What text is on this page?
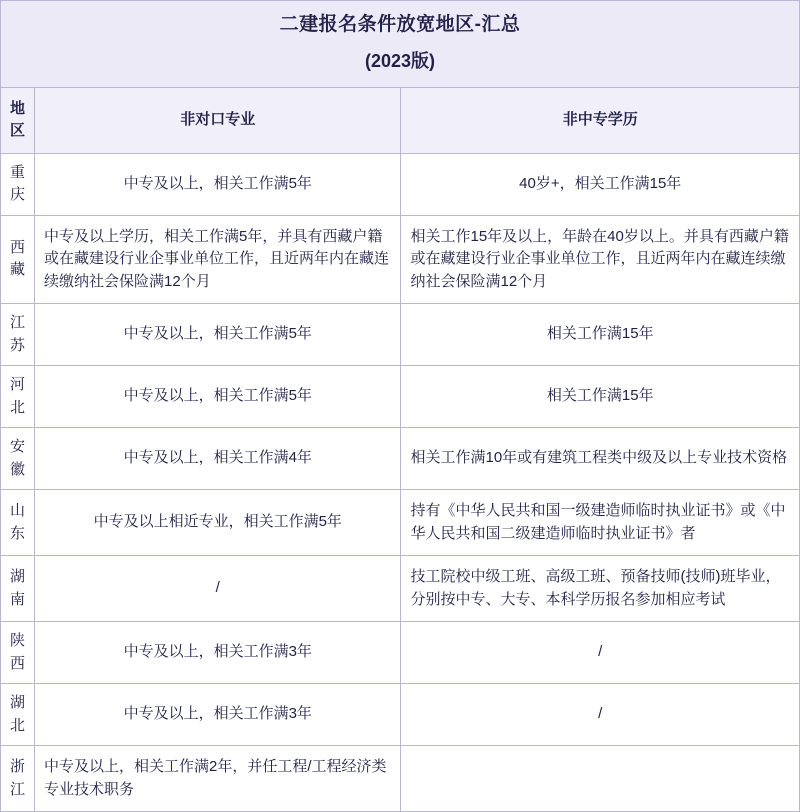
二建报名条件放宽地区-汇总
(2023版)		

地区	非对口专业	非中专学历
重庆	中专及以上，相关工作满5年	40岁+，相关工作满15年
西藏	中专及以上学历，相关工作满5年，并具有西藏户籍或在藏建设行业企事业单位工作，且近两年内在藏连续缴纳社会保险满12个月	相关工作15年及以上，年龄在40岁以上。并具有西藏户籍或在藏建设行业企事业单位工作，且近两年内在藏连续缴纳社会保险满12个月
江苏	中专及以上，相关工作满5年	相关工作满15年
河北	中专及以上，相关工作满5年	相关工作满15年
安徽	中专及以上，相关工作满4年	相关工作满10年或有建筑工程类中级及以上专业技术资格
山东	中专及以上相近专业，相关工作满5年	持有《中华人民共和国一级建造师临时执业证书》或《中华人民共和国二级建造师临时执业证书》者
湖南	/	技工院校中级工班、高级工班、预备技师(技师)班毕业，分别按中专、大专、本科学历报名参加相应考试
陕西	中专及以上，相关工作满3年	/
湖北	中专及以上，相关工作满3年	/
浙江	中专及以上，相关工作满2年，并任工程/工程经济类专业技术职务	
